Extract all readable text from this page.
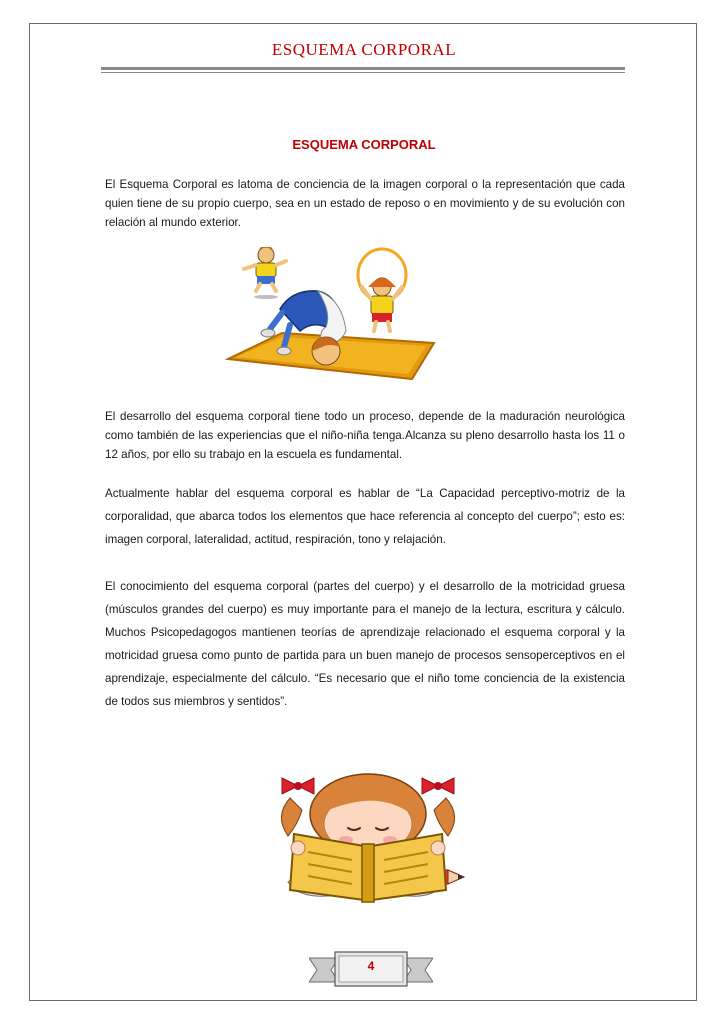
ESQUEMA CORPORAL
ESQUEMA CORPORAL

El Esquema Corporal es latoma de conciencia de la imagen corporal o la representación que cada quien tiene de su propio cuerpo, sea en un estado de reposo o en movimiento y de su evolución con relación al mundo exterior.

El desarrollo del esquema corporal tiene todo un proceso, depende de la maduración neurológica como también de las experiencias que el niño-niña tenga.Alcanza su pleno desarrollo hasta los 11 o 12 años, por ello su trabajo en la escuela es fundamental.

Actualmente hablar del esquema corporal es hablar de “La Capacidad perceptivo-motriz de la corporalidad, que abarca todos los elementos que hace referencia al concepto del cuerpo”; esto es: imagen corporal, lateralidad, actitud, respiración, tono y relajación.

El conocimiento del esquema corporal (partes del cuerpo) y el desarrollo de la motricidad gruesa (músculos grandes del cuerpo) es muy importante para el manejo de la lectura, escritura y cálculo. Muchos Psicopedagogos mantienen teorías de aprendizaje relacionado el esquema corporal y la motricidad gruesa como punto de partida para un buen manejo de procesos sensoperceptivos en el aprendizaje, especialmente del cálculo. “Es necesario que el niño tome conciencia de la existencia de todos sus miembros y sentidos”.

4
